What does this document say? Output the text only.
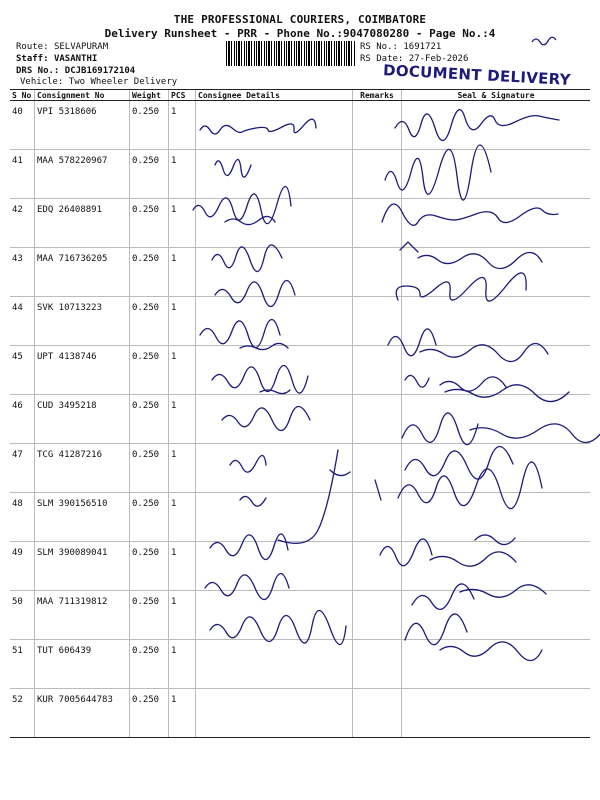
THE PROFESSIONAL COURIERS, COIMBATORE
Delivery Runsheet - PRR - Phone No.:9047080280 - Page No.:4
Route: SELVAPURAM
Staff: VASANTHI
DRS No.: DCJB169172104
Vehicle: Two Wheeler Delivery
RS No.: 1691721
RS Date: 27-Feb-2026
DOCUMENT DELIVERY
S No	Consignment No	Weight	PCS	Consignee Details	Remarks	Seal & Signature
40	VPI 5318606	0.250	1			
41	MAA 578220967	0.250	1			
42	EDQ 26408891	0.250	1			
43	MAA 716736205	0.250	1			
44	SVK 10713223	0.250	1			
45	UPT 4138746	0.250	1			
46	CUD 3495218	0.250	1			
47	TCG 41287216	0.250	1			
48	SLM 390156510	0.250	1			
49	SLM 390089041	0.250	1			
50	MAA 711319812	0.250	1			
51	TUT 606439	0.250	1			
52	KUR 7005644783	0.250	1			
